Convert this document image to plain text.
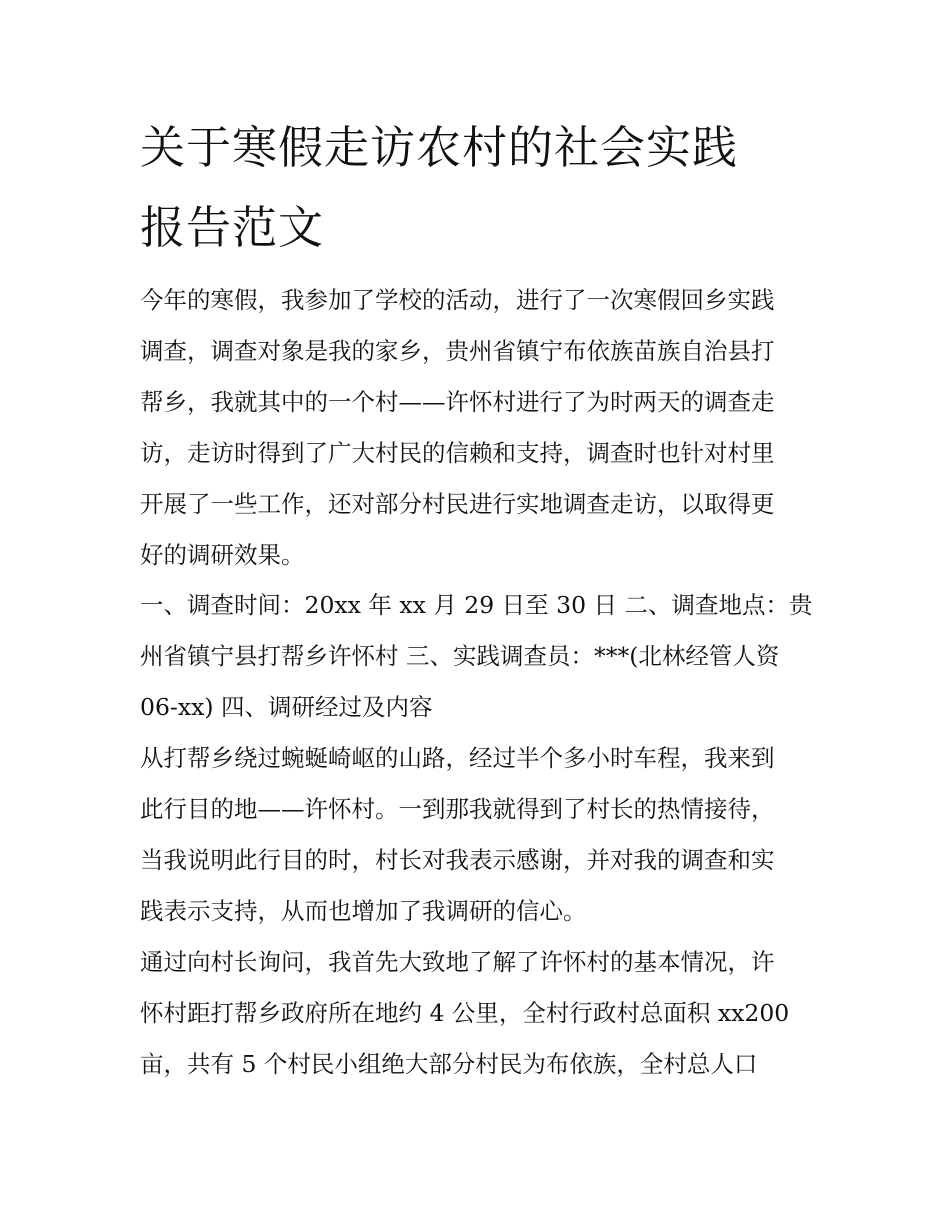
关于寒假走访农村的社会实践
报告范文
今年的寒假，我参加了学校的活动，进行了一次寒假回乡实践
调查，调查对象是我的家乡，贵州省镇宁布依族苗族自治县打
帮乡，我就其中的一个村——许怀村进行了为时两天的调查走
访，走访时得到了广大村民的信赖和支持，调查时也针对村里
开展了一些工作，还对部分村民进行实地调查走访，以取得更
好的调研效果。
一、调查时间：20xx 年 xx 月 29 日至 30 日 二、调查地点：贵
州省镇宁县打帮乡许怀村 三、实践调查员：***(北林经管人资
06-xx) 四、调研经过及内容
从打帮乡绕过蜿蜒崎岖的山路，经过半个多小时车程，我来到
此行目的地——许怀村。一到那我就得到了村长的热情接待，
当我说明此行目的时，村长对我表示感谢，并对我的调查和实
践表示支持，从而也增加了我调研的信心。
通过向村长询问，我首先大致地了解了许怀村的基本情况，许
怀村距打帮乡政府所在地约 4 公里，全村行政村总面积 xx200
亩，共有 5 个村民小组绝大部分村民为布依族，全村总人口
